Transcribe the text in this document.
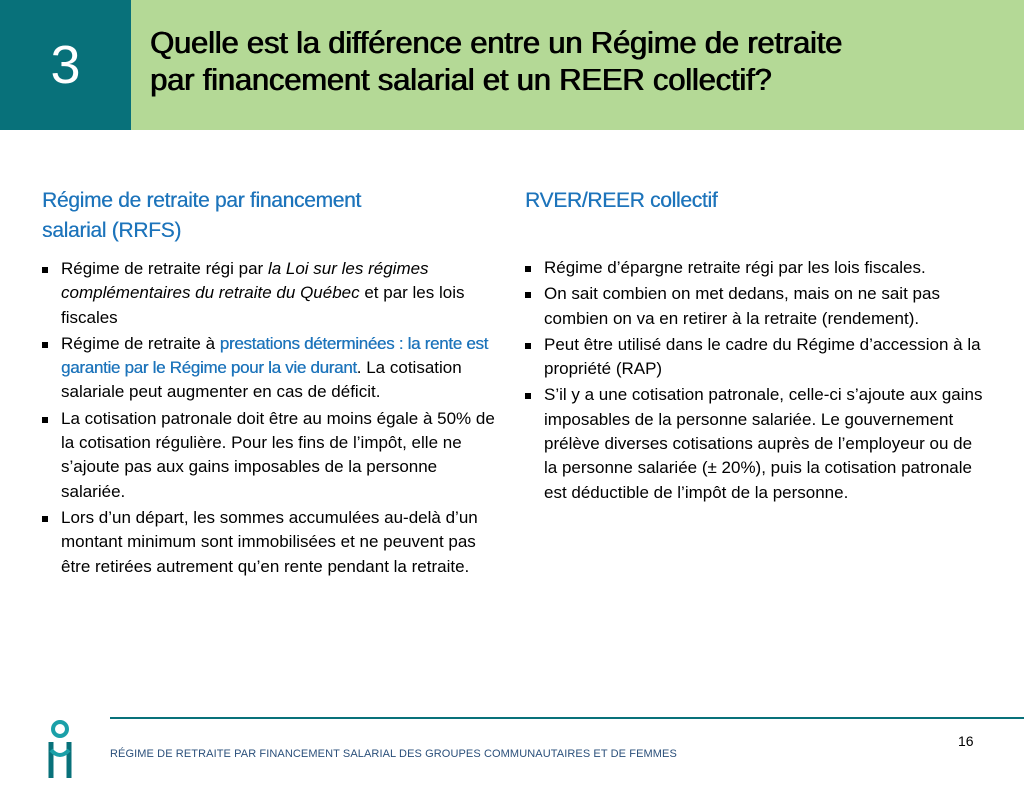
3	Quelle est la différence entre un Régime de retraite
par financement salarial et un REER collectif?
Régime de retraite par financement
salarial (RRFS)
Régime de retraite régi par la Loi sur les régimes complémentaires du retraite du Québec et par les lois fiscales
Régime de retraite à prestations déterminées : la rente est garantie par le Régime pour la vie durant. La cotisation salariale peut augmenter en cas de déficit.
La cotisation patronale doit être au moins égale à 50% de la cotisation régulière. Pour les fins de l’impôt, elle ne s’ajoute pas aux gains imposables de la personne salariée.
Lors d’un départ, les sommes accumulées au-delà d’un montant minimum sont immobilisées et ne peuvent pas être retirées autrement qu’en rente pendant la retraite.
RVER/REER collectif
Régime d’épargne retraite régi par les lois fiscales.
On sait combien on met dedans, mais on ne sait pas combien on va en retirer à la retraite (rendement).
Peut être utilisé dans le cadre du Régime d’accession à la propriété (RAP)
S’il y a une cotisation patronale, celle-ci s’ajoute aux gains imposables de la personne salariée. Le gouvernement prélève diverses cotisations auprès de l’employeur ou de la personne salariée (± 20%), puis la cotisation patronale est déductible de l’impôt de la personne.
RÉGIME DE RETRAITE PAR FINANCEMENT SALARIAL DES GROUPES COMMUNAUTAIRES ET DE FEMMES
16
